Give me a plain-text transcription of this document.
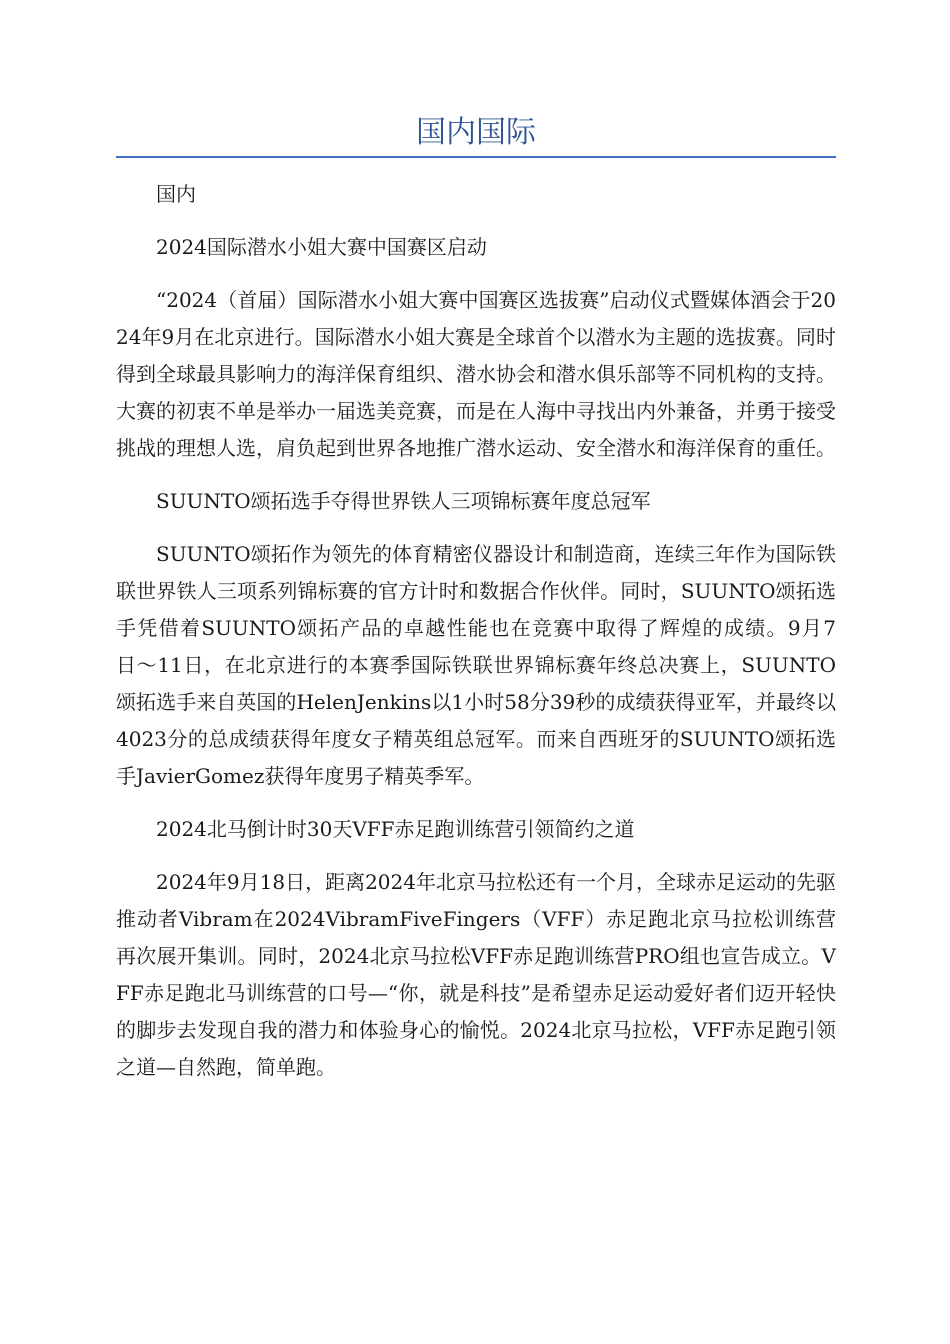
国内国际

国内

2024国际潜水小姐大赛中国赛区启动

“2024（首届）国际潜水小姐大赛中国赛区选拔赛”启动仪式暨媒体酒会于2024年9月在北京进行。国际潜水小姐大赛是全球首个以潜水为主题的选拔赛。同时得到全球最具影响力的海洋保育组织、潜水协会和潜水俱乐部等不同机构的支持。大赛的初衷不单是举办一届选美竞赛，而是在人海中寻找出内外兼备，并勇于接受挑战的理想人选，肩负起到世界各地推广潜水运动、安全潜水和海洋保育的重任。

SUUNTO颂拓选手夺得世界铁人三项锦标赛年度总冠军

SUUNTO颂拓作为领先的体育精密仪器设计和制造商，连续三年作为国际铁联世界铁人三项系列锦标赛的官方计时和数据合作伙伴。同时，SUUNTO颂拓选手凭借着SUUNTO颂拓产品的卓越性能也在竞赛中取得了辉煌的成绩。9月7日〜11日，在北京进行的本赛季国际铁联世界锦标赛年终总决赛上，SUUNTO颂拓选手来自英国的HelenJenkins以1小时58分39秒的成绩获得亚军，并最终以4023分的总成绩获得年度女子精英组总冠军。而来自西班牙的SUUNTO颂拓选手JavierGomez获得年度男子精英季军。

2024北马倒计时30天VFF赤足跑训练营引领简约之道

2024年9月18日，距离2024年北京马拉松还有一个月，全球赤足运动的先驱推动者Vibram在2024VibramFiveFingers（VFF）赤足跑北京马拉松训练营再次展开集训。同时，2024北京马拉松VFF赤足跑训练营PRO组也宣告成立。VFF赤足跑北马训练营的口号—“你，就是科技”是希望赤足运动爱好者们迈开轻快的脚步去发现自我的潜力和体验身心的愉悦。2024北京马拉松，VFF赤足跑引领之道—自然跑，简单跑。
